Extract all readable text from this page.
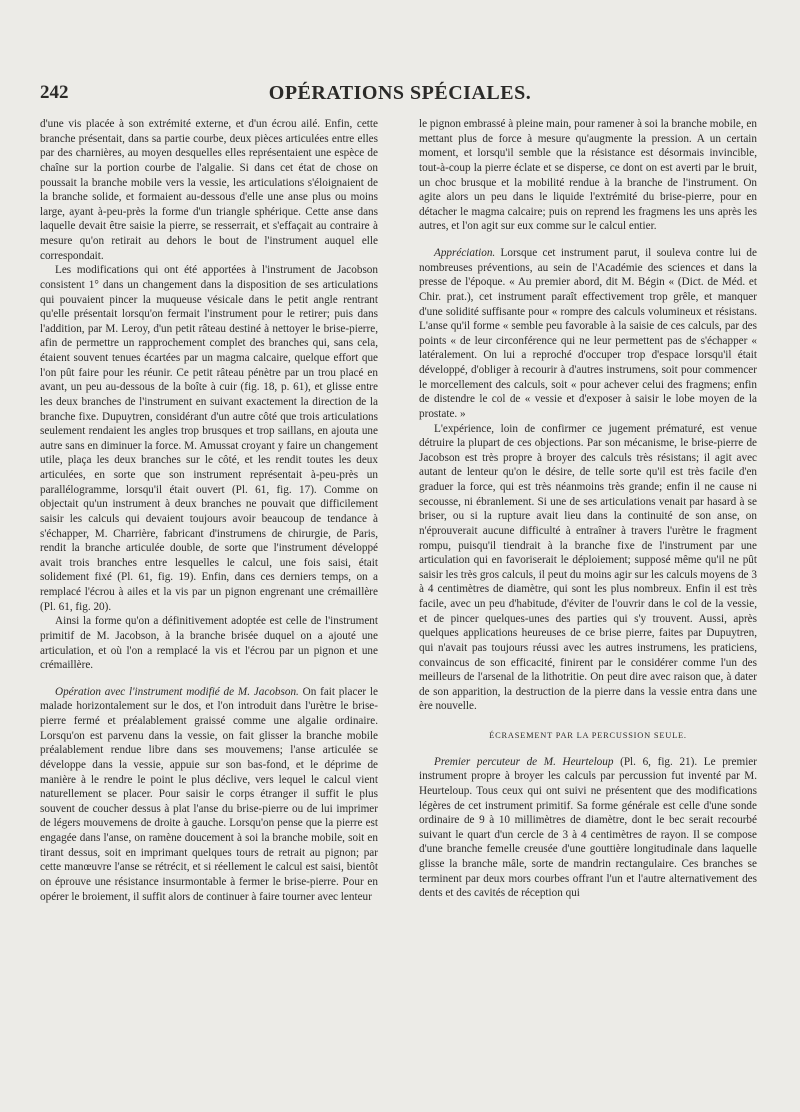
242	OPÉRATIONS SPÉCIALES.

d'une vis placée à son extrémité externe, et d'un écrou ailé. Enfin, cette branche présentait, dans sa partie courbe, deux pièces articulées entre elles par des charnières, au moyen desquelles elles représentaient une espèce de chaîne sur la portion courbe de l'algalie. Si dans cet état de chose on poussait la branche mobile vers la vessie, les articulations s'éloignaient de la branche solide, et formaient au-dessous d'elle une anse plus ou moins large, ayant à-peu-près la forme d'un triangle sphérique. Cette anse dans laquelle devait être saisie la pierre, se resserrait, et s'effaçait au contraire à mesure qu'on retirait au dehors le bout de l'instrument auquel elle correspondait.

Les modifications qui ont été apportées à l'instrument de Jacobson consistent 1° dans un changement dans la disposition de ses articulations qui pouvaient pincer la muqueuse vésicale dans le petit angle rentrant qu'elle présentait lorsqu'on fermait l'instrument pour le retirer; puis dans l'addition, par M. Leroy, d'un petit râteau destiné à nettoyer le brise-pierre, afin de permettre un rapprochement complet des branches qui, sans cela, étaient souvent tenues écartées par un magma calcaire, quelque effort que l'on pût faire pour les réunir. Ce petit râteau pénètre par un trou placé en avant, un peu au-dessous de la boîte à cuir (fig. 18, p. 61), et glisse entre les deux branches de l'instrument en suivant exactement la direction de la branche fixe. Dupuytren, considérant d'un autre côté que trois articulations seulement rendaient les angles trop brusques et trop saillans, en ajouta une autre sans en diminuer la force. M. Amussat croyant y faire un changement utile, plaça les deux branches sur le côté, et les rendit toutes les deux articulées, en sorte que son instrument représentait à-peu-près un parallélogramme, lorsqu'il était ouvert (Pl. 61, fig. 17). Comme on objectait qu'un instrument à deux branches ne pouvait que difficilement saisir les calculs qui devaient toujours avoir beaucoup de tendance à s'échapper, M. Charrière, fabricant d'instrumens de chirurgie, de Paris, rendit la branche articulée double, de sorte que l'instrument développé avait trois branches entre lesquelles le calcul, une fois saisi, était solidement fixé (Pl. 61, fig. 19). Enfin, dans ces derniers temps, on a remplacé l'écrou à ailes et la vis par un pignon engrenant une crémaillère (Pl. 61, fig. 20).

Ainsi la forme qu'on a définitivement adoptée est celle de l'instrument primitif de M. Jacobson, à la branche brisée duquel on a ajouté une articulation, et où l'on a remplacé la vis et l'écrou par un pignon et une crémaillère.

Opération avec l'instrument modifié de M. Jacobson. On fait placer le malade horizontalement sur le dos, et l'on introduit dans l'urètre le brise-pierre fermé et préalablement graissé comme une algalie ordinaire. Lorsqu'on est parvenu dans la vessie, on fait glisser la branche mobile préalablement rendue libre dans ses mouvemens; l'anse articulée se développe dans la vessie, appuie sur son bas-fond, et le déprime de manière à le rendre le point le plus déclive, vers lequel le calcul vient naturellement se placer. Pour saisir le corps étranger il suffit le plus souvent de coucher dessus à plat l'anse du brise-pierre ou de lui imprimer de légers mouvemens de droite à gauche. Lorsqu'on pense que la pierre est engagée dans l'anse, on ramène doucement à soi la branche mobile, soit en tirant dessus, soit en imprimant quelques tours de retrait au pignon; par cette manœuvre l'anse se rétrécit, et si réellement le calcul est saisi, bientôt on éprouve une résistance insurmontable à fermer le brise-pierre. Pour en opérer le broiement, il suffit alors de continuer à faire tourner avec lenteur

le pignon embrassé à pleine main, pour ramener à soi la branche mobile, en mettant plus de force à mesure qu'augmente la pression. A un certain moment, et lorsqu'il semble que la résistance est désormais invincible, tout-à-coup la pierre éclate et se disperse, ce dont on est averti par le bruit, un choc brusque et la mobilité rendue à la branche de l'instrument. On agite alors un peu dans le liquide l'extrémité du brise-pierre, pour en détacher le magma calcaire; puis on reprend les fragmens les uns après les autres, et l'on agit sur eux comme sur le calcul entier.

Appréciation. Lorsque cet instrument parut, il souleva contre lui de nombreuses préventions, au sein de l'Académie des sciences et dans la presse de l'époque. « Au premier abord, dit M. Bégin « (Dict. de Méd. et Chir. prat.), cet instrument paraît effectivement trop grêle, et manquer d'une solidité suffisante pour « rompre des calculs volumineux et résistans. L'anse qu'il forme « semble peu favorable à la saisie de ces calculs, par des points « de leur circonférence qui ne leur permettent pas de s'échapper « latéralement. On lui a reproché d'occuper trop d'espace lorsqu'il était développé, d'obliger à recourir à d'autres instrumens, soit pour commencer le morcellement des calculs, soit « pour achever celui des fragmens; enfin de distendre le col de « vessie et d'exposer à saisir le lobe moyen de la prostate. »

L'expérience, loin de confirmer ce jugement prématuré, est venue détruire la plupart de ces objections. Par son mécanisme, le brise-pierre de Jacobson est très propre à broyer des calculs très résistans; il agit avec autant de lenteur qu'on le désire, de telle sorte qu'il est très facile d'en graduer la force, qui est très néanmoins très grande; enfin il ne cause ni secousse, ni ébranlement. Si une de ses articulations venait par hasard à se briser, ou si la rupture avait lieu dans la continuité de son anse, on n'éprouverait aucune difficulté à entraîner à travers l'urètre le fragment rompu, puisqu'il tiendrait à la branche fixe de l'instrument par une articulation qui en favoriserait le déploiement; supposé même qu'il ne pût saisir les très gros calculs, il peut du moins agir sur les calculs moyens de 3 à 4 centimètres de diamètre, qui sont les plus nombreux. Enfin il est très facile, avec un peu d'habitude, d'éviter de l'ouvrir dans le col de la vessie, et de pincer quelques-unes des parties qui s'y trouvent. Aussi, après quelques applications heureuses de ce brise pierre, faites par Dupuytren, qui n'avait pas toujours réussi avec les autres instrumens, les praticiens, convaincus de son efficacité, finirent par le considérer comme l'un des meilleurs de l'arsenal de la lithotritie. On peut dire avec raison que, à dater de son apparition, la destruction de la pierre dans la vessie entra dans une ère nouvelle.

ÉCRASEMENT PAR LA PERCUSSION SEULE.

Premier percuteur de M. Heurteloup (Pl. 6, fig. 21). Le premier instrument propre à broyer les calculs par percussion fut inventé par M. Heurteloup. Tous ceux qui ont suivi ne présentent que des modifications légères de cet instrument primitif. Sa forme générale est celle d'une sonde ordinaire de 9 à 10 millimètres de diamètre, dont le bec serait recourbé suivant le quart d'un cercle de 3 à 4 centimètres de rayon. Il se compose d'une branche femelle creusée d'une gouttière longitudinale dans laquelle glisse la branche mâle, sorte de mandrin rectangulaire. Ces branches se terminent par deux mors courbes offrant l'un et l'autre alternativement des dents et des cavités de réception qui
